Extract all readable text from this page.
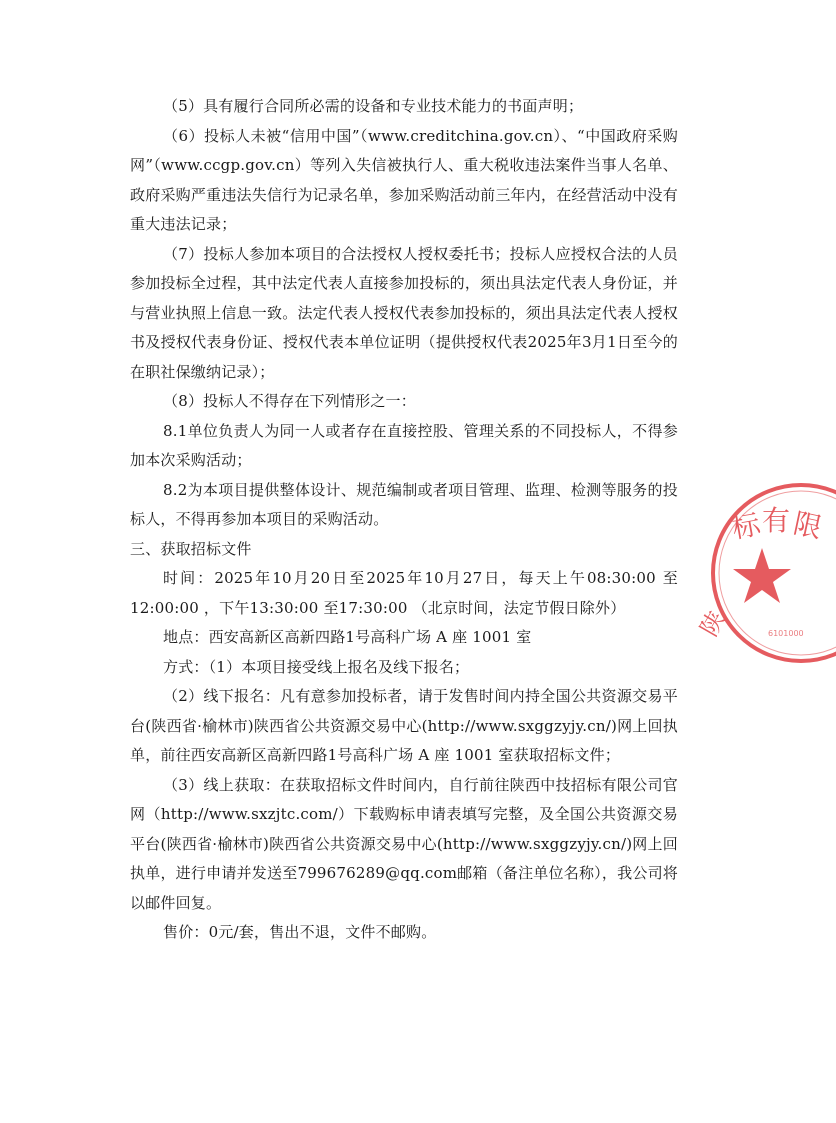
（5）具有履行合同所必需的设备和专业技术能力的书面声明；

（6）投标人未被“信用中国”（www.creditchina.gov.cn）、“中国政府采购网”（www.ccgp.gov.cn）等列入失信被执行人、重大税收违法案件当事人名单、政府采购严重违法失信行为记录名单，参加采购活动前三年内，在经营活动中没有重大违法记录；

（7）投标人参加本项目的合法授权人授权委托书；投标人应授权合法的人员参加投标全过程，其中法定代表人直接参加投标的，须出具法定代表人身份证，并与营业执照上信息一致。法定代表人授权代表参加投标的，须出具法定代表人授权书及授权代表身份证、授权代表本单位证明（提供授权代表2025年3月1日至今的在职社保缴纳记录）；

（8）投标人不得存在下列情形之一：

8.1单位负责人为同一人或者存在直接控股、管理关系的不同投标人，不得参加本次采购活动；

8.2为本项目提供整体设计、规范编制或者项目管理、监理、检测等服务的投标人，不得再参加本项目的采购活动。

三、获取招标文件

时间：2025年10月20日至2025年10月27日，每天上午08:30:00 至12:00:00 ，下午13:30:00 至17:30:00 （北京时间，法定节假日除外）

地点：西安高新区高新四路1号高科广场 A 座 1001 室

方式：（1）本项目接受线上报名及线下报名；

（2）线下报名：凡有意参加投标者，请于发售时间内持全国公共资源交易平台(陕西省·榆林市)陕西省公共资源交易中心(http://www.sxggzyjy.cn/)网上回执单，前往西安高新区高新四路1号高科广场 A 座 1001 室获取招标文件；

（3）线上获取：在获取招标文件时间内，自行前往陕西中技招标有限公司官网（http://www.sxzjtc.com/）下载购标申请表填写完整，及全国公共资源交易平台(陕西省·榆林市)陕西省公共资源交易中心(http://www.sxggzyjy.cn/)网上回执单，进行申请并发送至799676289@qq.com邮箱（备注单位名称），我公司将以邮件回复。

售价：0元/套，售出不退，文件不邮购。

标 有 限
陕	6101000
